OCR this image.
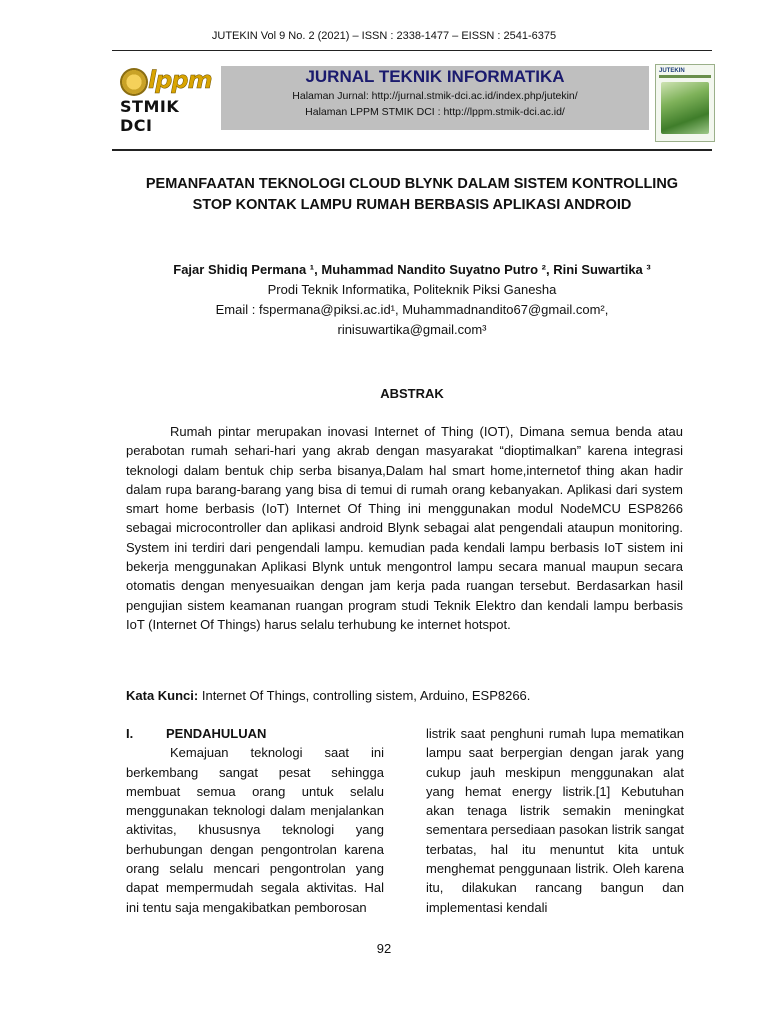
JUTEKIN Vol 9 No. 2 (2021) – ISSN : 2338-1477 – EISSN : 2541-6375
lppm
STMIK DCI
JURNAL TEKNIK INFORMATIKA
Halaman Jurnal: http://jurnal.stmik-dci.ac.id/index.php/jutekin/
Halaman LPPM STMIK DCI : http://lppm.stmik-dci.ac.id/
JUTEKIN
PEMANFAATAN TEKNOLOGI CLOUD BLYNK DALAM SISTEM KONTROLLING
STOP KONTAK LAMPU RUMAH BERBASIS APLIKASI ANDROID
Fajar Shidiq Permana ¹, Muhammad Nandito Suyatno Putro ², Rini Suwartika ³
Prodi Teknik Informatika, Politeknik Piksi Ganesha
Email : fspermana@piksi.ac.id¹, Muhammadnandito67@gmail.com²,
rinisuwartika@gmail.com³
ABSTRAK
Rumah pintar merupakan inovasi Internet of Thing (IOT), Dimana semua benda atau perabotan rumah sehari-hari yang akrab dengan masyarakat “dioptimalkan” karena integrasi teknologi dalam bentuk chip serba bisanya,Dalam hal smart home,internetof thing akan hadir dalam rupa barang-barang yang bisa di temui di rumah orang kebanyakan. Aplikasi dari system smart home berbasis (IoT) Internet Of Thing ini menggunakan modul NodeMCU ESP8266 sebagai microcontroller dan aplikasi android Blynk sebagai alat pengendali ataupun monitoring. System ini terdiri dari pengendali lampu. kemudian pada kendali lampu berbasis IoT sistem ini bekerja menggunakan Aplikasi Blynk untuk mengontrol lampu secara manual maupun secara otomatis dengan menyesuaikan dengan jam kerja pada ruangan tersebut. Berdasarkan hasil pengujian sistem keamanan ruangan program studi Teknik Elektro dan kendali lampu berbasis IoT (Internet Of Things) harus selalu terhubung ke internet hotspot.
Kata Kunci: Internet Of Things, controlling sistem, Arduino, ESP8266.
I.	PENDAHULUAN
Kemajuan teknologi saat ini berkembang sangat pesat sehingga membuat semua orang untuk selalu menggunakan teknologi dalam menjalankan aktivitas, khususnya teknologi yang berhubungan dengan pengontrolan karena orang selalu mencari pengontrolan yang dapat mempermudah segala aktivitas. Hal ini tentu saja mengakibatkan pemborosan
listrik saat penghuni rumah lupa mematikan lampu saat berpergian dengan jarak yang cukup jauh meskipun menggunakan alat yang hemat energy listrik.[1] Kebutuhan akan tenaga listrik semakin meningkat sementara persediaan pasokan listrik sangat terbatas, hal itu menuntut kita untuk menghemat penggunaan listrik. Oleh karena itu, dilakukan rancang bangun dan implementasi kendali
92
